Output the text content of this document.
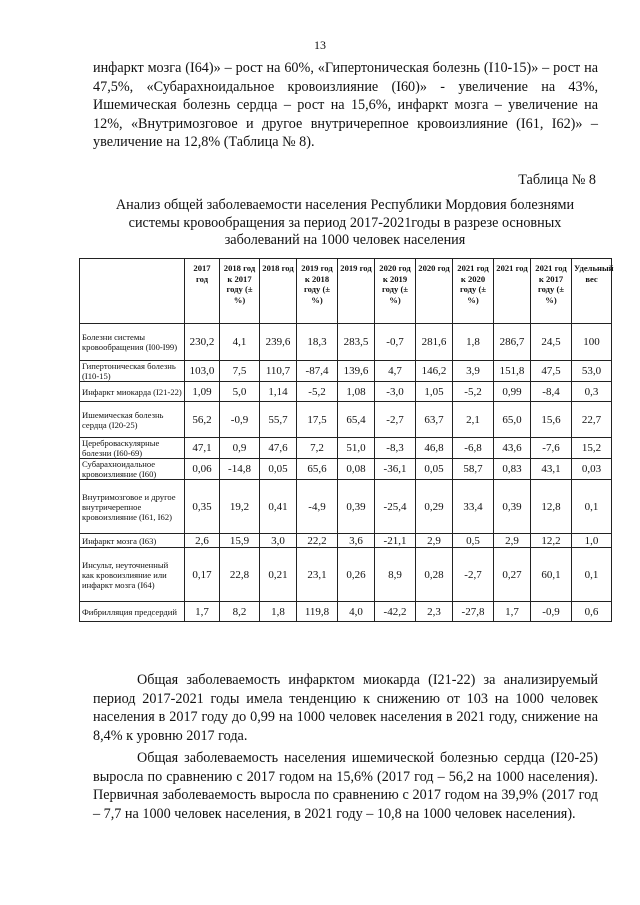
13
инфаркт мозга (I64)» – рост на 60%, «Гипертоническая болезнь (I10-15)» – рост на 47,5%, «Субарахноидальное кровоизлияние (I60)» - увеличение на 43%, Ишемическая болезнь сердца – рост на 15,6%, инфаркт мозга – увеличение на 12%, «Внутримозговое и другое внутричерепное кровоизлияние (I61, I62)» – увеличение на 12,8% (Таблица № 8).
Таблица № 8
Анализ общей заболеваемости населения Республики Мордовия болезнями системы кровообращения за период 2017-2021годы в разрезе основных заболеваний на 1000 человек населения
	2017 год	2018 год к 2017 году (±%)	2018 год	2019 год к 2018 году (±%)	2019 год	2020 год к 2019 году (±%)	2020 год	2021 год к 2020 году (±%)	2021 год	2021 год к 2017 году (±%)	Удельный вес
Болезни системы кровообращения (I00-I99)	230,2	4,1	239,6	18,3	283,5	-0,7	281,6	1,8	286,7	24,5	100
Гипертоническая болезнь (I10-15)	103,0	7,5	110,7	-87,4	139,6	4,7	146,2	3,9	151,8	47,5	53,0
Инфаркт миокарда (I21-22)	1,09	5,0	1,14	-5,2	1,08	-3,0	1,05	-5,2	0,99	-8,4	0,3
Ишемическая болезнь сердца (I20-25)	56,2	-0,9	55,7	17,5	65,4	-2,7	63,7	2,1	65,0	15,6	22,7
Цереброваскулярные болезни (I60-69)	47,1	0,9	47,6	7,2	51,0	-8,3	46,8	-6,8	43,6	-7,6	15,2
Субарахноидальное кровоизлияние (I60)	0,06	-14,8	0,05	65,6	0,08	-36,1	0,05	58,7	0,83	43,1	0,03
Внутримозговое и другое внутричерепное кровоизлияние (I61, I62)	0,35	19,2	0,41	-4,9	0,39	-25,4	0,29	33,4	0,39	12,8	0,1
Инфаркт мозга (I63)	2,6	15,9	3,0	22,2	3,6	-21,1	2,9	0,5	2,9	12,2	1,0
Инсульт, неуточненный как кровоизлияние или инфаркт мозга (I64)	0,17	22,8	0,21	23,1	0,26	8,9	0,28	-2,7	0,27	60,1	0,1
Фибрилляция предсердий	1,7	8,2	1,8	119,8	4,0	-42,2	2,3	-27,8	1,7	-0,9	0,6
Общая заболеваемость инфарктом миокарда (I21-22) за анализируемый период 2017-2021 годы имела тенденцию к снижению от 103 на 1000 человек населения в 2017 году до 0,99 на 1000 человек населения в 2021 году, снижение на 8,4% к уровню 2017 года.
Общая заболеваемость населения ишемической болезнью сердца (I20-25) выросла по сравнению с 2017 годом на 15,6% (2017 год – 56,2 на 1000 населения). Первичная заболеваемость выросла по сравнению с 2017 годом на 39,9% (2017 год – 7,7 на 1000 человек населения, в 2021 году – 10,8 на 1000 человек населения).
